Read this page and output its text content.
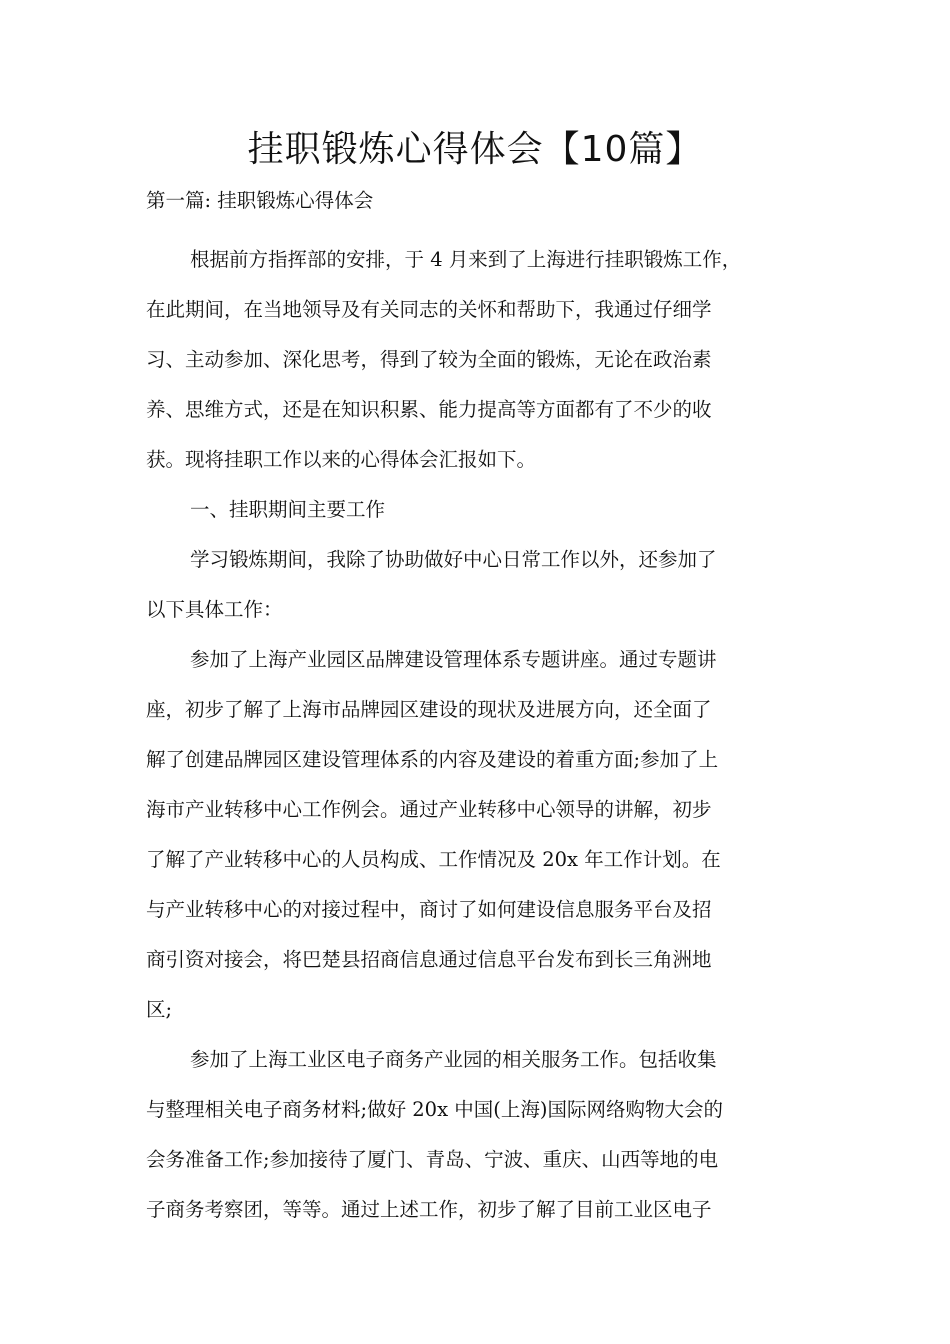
挂职锻炼心得体会【10篇】
第一篇: 挂职锻炼心得体会

根据前方指挥部的安排，于 4 月来到了上海进行挂职锻炼工作，
在此期间，在当地领导及有关同志的关怀和帮助下，我通过仔细学
习、主动参加、深化思考，得到了较为全面的锻炼，无论在政治素
养、思维方式，还是在知识积累、能力提高等方面都有了不少的收
获。现将挂职工作以来的心得体会汇报如下。

一、挂职期间主要工作

学习锻炼期间，我除了协助做好中心日常工作以外，还参加了
以下具体工作：

参加了上海产业园区品牌建设管理体系专题讲座。通过专题讲
座，初步了解了上海市品牌园区建设的现状及进展方向，还全面了
解了创建品牌园区建设管理体系的内容及建设的着重方面;参加了上
海市产业转移中心工作例会。通过产业转移中心领导的讲解，初步
了解了产业转移中心的人员构成、工作情况及 20x 年工作计划。在
与产业转移中心的对接过程中，商讨了如何建设信息服务平台及招
商引资对接会，将巴楚县招商信息通过信息平台发布到长三角洲地
区;

参加了上海工业区电子商务产业园的相关服务工作。包括收集
与整理相关电子商务材料;做好 20x 中国(上海)国际网络购物大会的
会务准备工作;参加接待了厦门、青岛、宁波、重庆、山西等地的电
子商务考察团，等等。通过上述工作，初步了解了目前工业区电子
